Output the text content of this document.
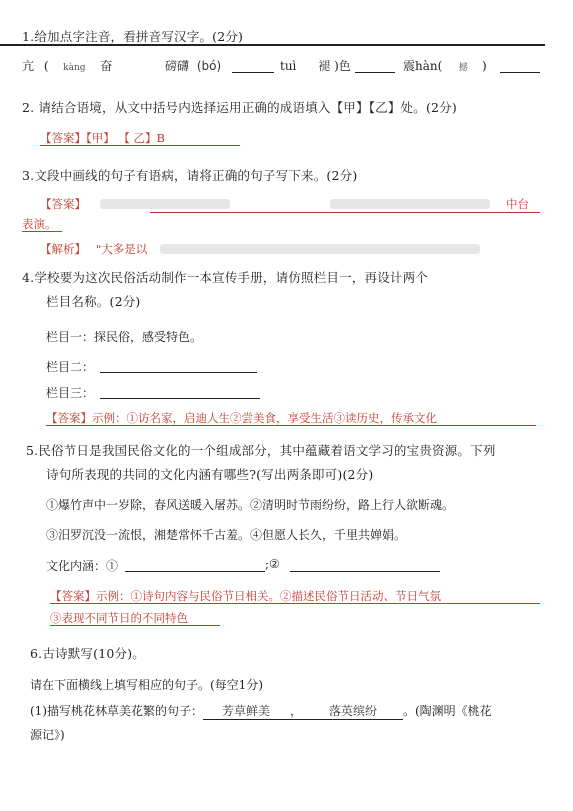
1.给加点字注音，看拼音写汉字。(2分)
亢 ( kàng 奋	磅礴 (bó)	tuì 褪 )色	震hàn( 撼 )
2. 请结合语境，从文中括号内选择运用正确的成语填入【甲】【乙】处。(2分)
【答案】【甲】 【 乙】B
3.文段中画线的句子有语病，请将正确的句子写下来。(2分)
【答案】	中台
表演。
【解析】 "大多是以
4.学校要为这次民俗活动制作一本宣传手册，请仿照栏目一，再设计两个
栏目名称。(2分)
栏目一：探民俗，感受特色。
栏目二：
栏目三：
【答案】示例：①访名家，启迪人生②尝美食，享受生活③读历史，传承文化
5.民俗节日是我国民俗文化的一个组成部分，其中蕴藏着语文学习的宝贵资源。下列
诗句所表现的共同的文化内涵有哪些?(写出两条即可)(2分)
①爆竹声中一岁除，春风送暖入屠苏。②清明时节雨纷纷，路上行人欲断魂。
③汨罗沉没一流恨，湘楚常怀千古羞。④但愿人长久，千里共婵娟。
文化内涵：①	;②
【答案】示例：①诗句内容与民俗节日相关。②描述民俗节日活动、节日气氛
③表现不同节日的不同特色
6.古诗默写(10分)。
请在下面横线上填写相应的句子。(每空1分)
(1)描写桃花林草美花繁的句子： 芳草鲜美 ， 落英缤纷 。(陶渊明《桃花
源记》)
